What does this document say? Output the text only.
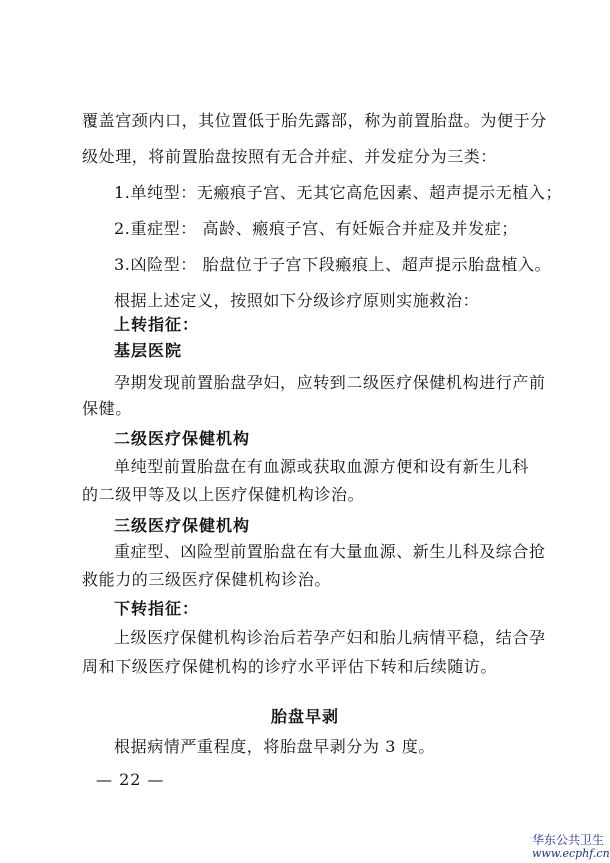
覆盖宫颈内口，其位置低于胎先露部，称为前置胎盘。为便于分
级处理，将前置胎盘按照有无合并症、并发症分为三类：
1.单纯型：无瘢痕子宫、无其它高危因素、超声提示无植入；
2.重症型： 高龄、瘢痕子宫、有妊娠合并症及并发症；
3.凶险型： 胎盘位于子宫下段瘢痕上、超声提示胎盘植入。
根据上述定义，按照如下分级诊疗原则实施救治：
上转指征：
基层医院
孕期发现前置胎盘孕妇，应转到二级医疗保健机构进行产前
保健。
二级医疗保健机构
单纯型前置胎盘在有血源或获取血源方便和设有新生儿科
的二级甲等及以上医疗保健机构诊治。
三级医疗保健机构
重症型、凶险型前置胎盘在有大量血源、新生儿科及综合抢
救能力的三级医疗保健机构诊治。
下转指征：
上级医疗保健机构诊治后若孕产妇和胎儿病情平稳，结合孕
周和下级医疗保健机构的诊疗水平评估下转和后续随访。
胎盘早剥
根据病情严重程度，将胎盘早剥分为 3 度。
— 22 —
华东公共卫生
www.ecphf.cn
